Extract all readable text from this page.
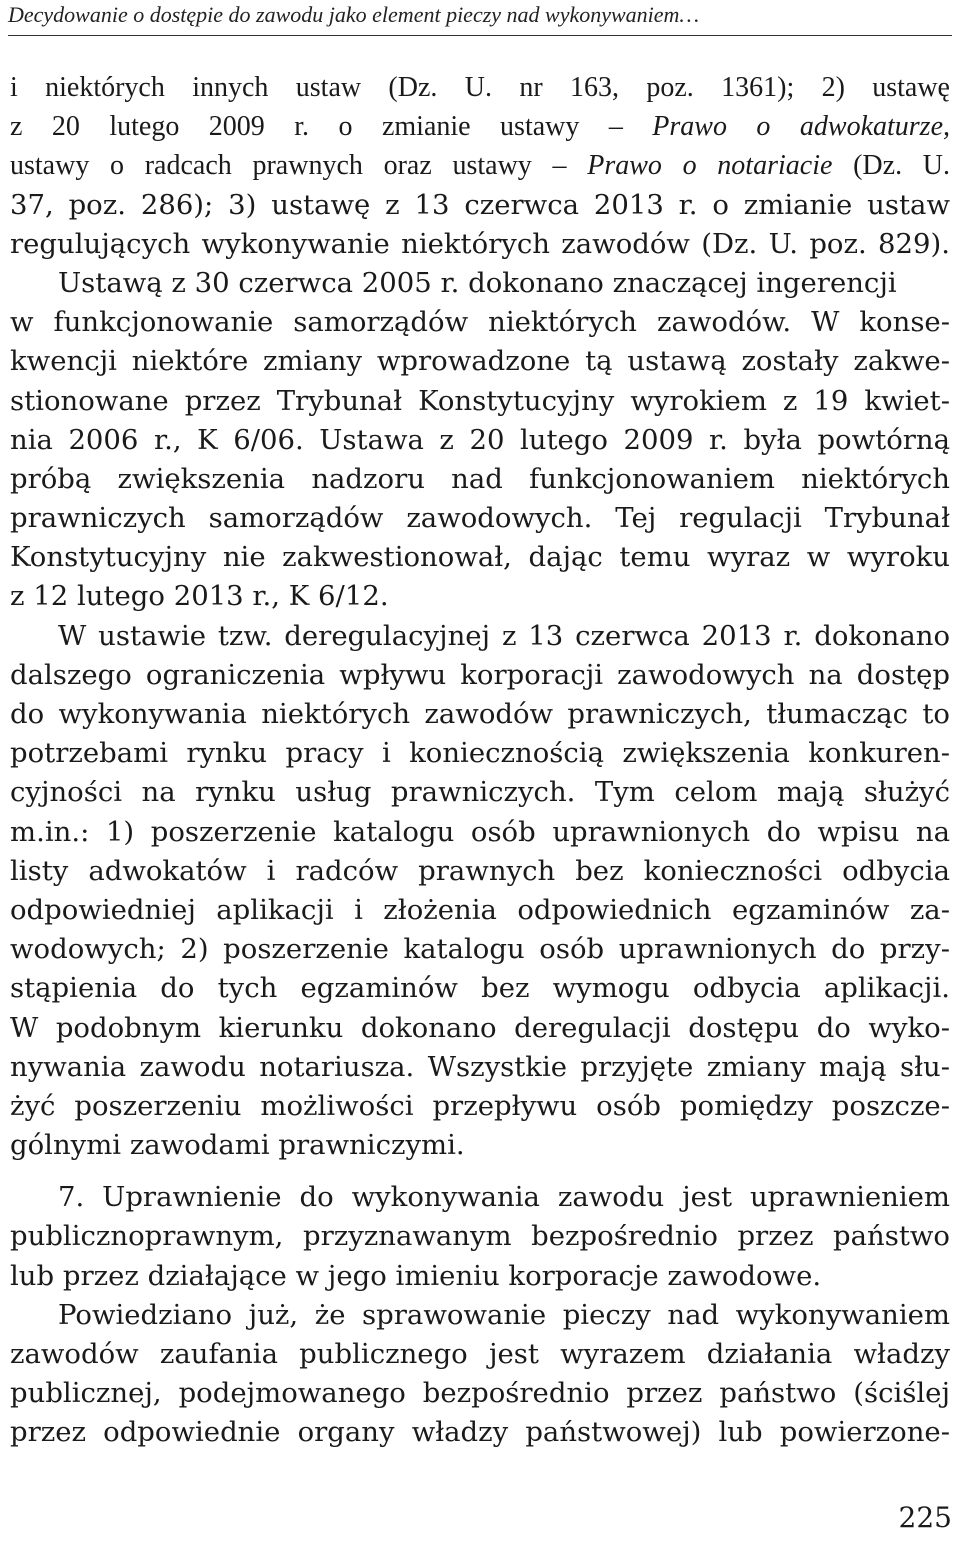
Decydowanie o dostępie do zawodu jako element pieczy nad wykonywaniem…
i niektórych innych ustaw (Dz. U. nr 163, poz. 1361); 2) ustawę
z 20 lutego 2009 r. o zmianie ustawy – Prawo o adwokaturze,
ustawy o radcach prawnych oraz ustawy – Prawo o notariacie (Dz. U.
37, poz. 286); 3) ustawę z 13 czerwca 2013 r. o zmianie ustaw
regulujących wykonywanie niektórych zawodów (Dz. U. poz. 829).
Ustawą z 30 czerwca 2005 r. dokonano znaczącej ingerencji
w funkcjonowanie samorządów niektórych zawodów. W konse-
kwencji niektóre zmiany wprowadzone tą ustawą zostały zakwe-
stionowane przez Trybunał Konstytucyjny wyrokiem z 19 kwiet-
nia 2006 r., K 6/06. Ustawa z 20 lutego 2009 r. była powtórną
próbą zwiększenia nadzoru nad funkcjonowaniem niektórych
prawniczych samorządów zawodowych. Tej regulacji Trybunał
Konstytucyjny nie zakwestionował, dając temu wyraz w wyroku
z 12 lutego 2013 r., K 6/12.
W ustawie tzw. deregulacyjnej z 13 czerwca 2013 r. dokonano
dalszego ograniczenia wpływu korporacji zawodowych na dostęp
do wykonywania niektórych zawodów prawniczych, tłumacząc to
potrzebami rynku pracy i koniecznością zwiększenia konkuren-
cyjności na rynku usług prawniczych. Tym celom mają służyć
m.in.: 1) poszerzenie katalogu osób uprawnionych do wpisu na
listy adwokatów i radców prawnych bez konieczności odbycia
odpowiedniej aplikacji i złożenia odpowiednich egzaminów za-
wodowych; 2) poszerzenie katalogu osób uprawnionych do przy-
stąpienia do tych egzaminów bez wymogu odbycia aplikacji.
W podobnym kierunku dokonano deregulacji dostępu do wyko-
nywania zawodu notariusza. Wszystkie przyjęte zmiany mają słu-
żyć poszerzeniu możliwości przepływu osób pomiędzy poszcze-
gólnymi zawodami prawniczymi.
7. Uprawnienie do wykonywania zawodu jest uprawnieniem
publicznoprawnym, przyznawanym bezpośrednio przez państwo
lub przez działające w jego imieniu korporacje zawodowe.
Powiedziano już, że sprawowanie pieczy nad wykonywaniem
zawodów zaufania publicznego jest wyrazem działania władzy
publicznej, podejmowanego bezpośrednio przez państwo (ściślej
przez odpowiednie organy władzy państwowej) lub powierzone-
225
